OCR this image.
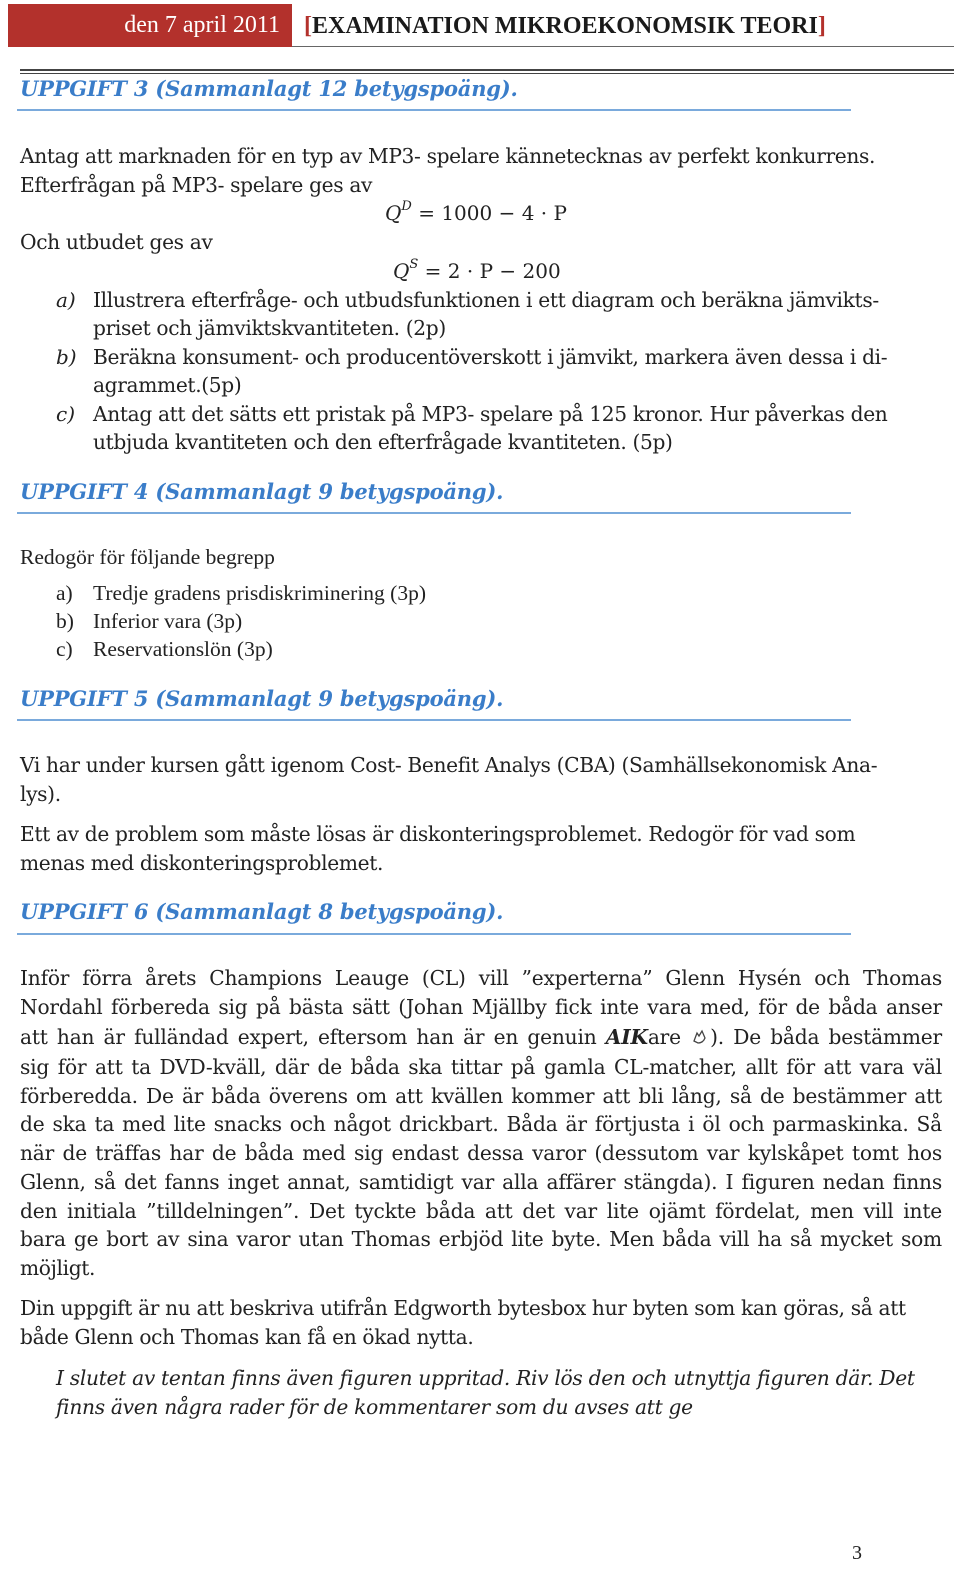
den 7 april 2011	[ EXAMINATION MIKROEKONOMSIK TEORI ]
UPPGIFT 3 (Sammanlagt 12 betygspoäng).
Antag att marknaden för en typ av MP3- spelare kännetecknas av perfekt konkurrens.
Efterfrågan på MP3- spelare ges av
$Q^D = 1000 - 4 \cdot P$
Och utbudet ges av
$Q^S = 2 \cdot P - 200$
a) Illustrera efterfråge- och utbudsfunktionen i ett diagram och beräkna jämvikts-
priset och jämviktskvantiteten. (2p)
b) Beräkna konsument- och producentöverskott i jämvikt, markera även dessa i di-
agrammet.(5p)
c) Antag att det sätts ett pristak på MP3- spelare på 125 kronor. Hur påverkas den
utbjuda kvantiteten och den efterfrågade kvantiteten. (5p)
UPPGIFT 4 (Sammanlagt 9 betygspoäng).
Redogör för följande begrepp
a) Tredje gradens prisdiskriminering (3p)
b) Inferior vara (3p)
c) Reservationslön (3p)
UPPGIFT 5 (Sammanlagt 9 betygspoäng).
Vi har under kursen gått igenom Cost- Benefit Analys (CBA) (Samhällsekonomisk Ana-
lys).
Ett av de problem som måste lösas är diskonteringsproblemet. Redogör för vad som
menas med diskonteringsproblemet.
UPPGIFT 6 (Sammanlagt 8 betygspoäng).
Inför förra årets Champions Leauge (CL) vill ”experterna” Glenn Hysén och Thomas
Nordahl förbereda sig på bästa sätt (Johan Mjällby fick inte vara med, för de båda anser
att han är fulländad expert, eftersom han är en genuin AIKare ). De båda bestämmer
sig för att ta DVD-kväll, där de båda ska tittar på gamla CL-matcher, allt för att vara väl
förberedda. De är båda överens om att kvällen kommer att bli lång, så de bestämmer att
de ska ta med lite snacks och något drickbart. Båda är förtjusta i öl och parmaskinka. Så
när de träffas har de båda med sig endast dessa varor (dessutom var kylskåpet tomt hos
Glenn, så det fanns inget annat, samtidigt var alla affärer stängda). I figuren nedan finns
den initiala ”tilldelningen”. Det tyckte båda att det var lite ojämt fördelat, men vill inte
bara ge bort av sina varor utan Thomas erbjöd lite byte. Men båda vill ha så mycket som
möjligt.
Din uppgift är nu att beskriva utifrån Edgworth bytesbox hur byten som kan göras, så att
både Glenn och Thomas kan få en ökad nytta.
I slutet av tentan finns även figuren uppritad. Riv lös den och utnyttja figuren där. Det
finns även några rader för de kommentarer som du avses att ge
3
